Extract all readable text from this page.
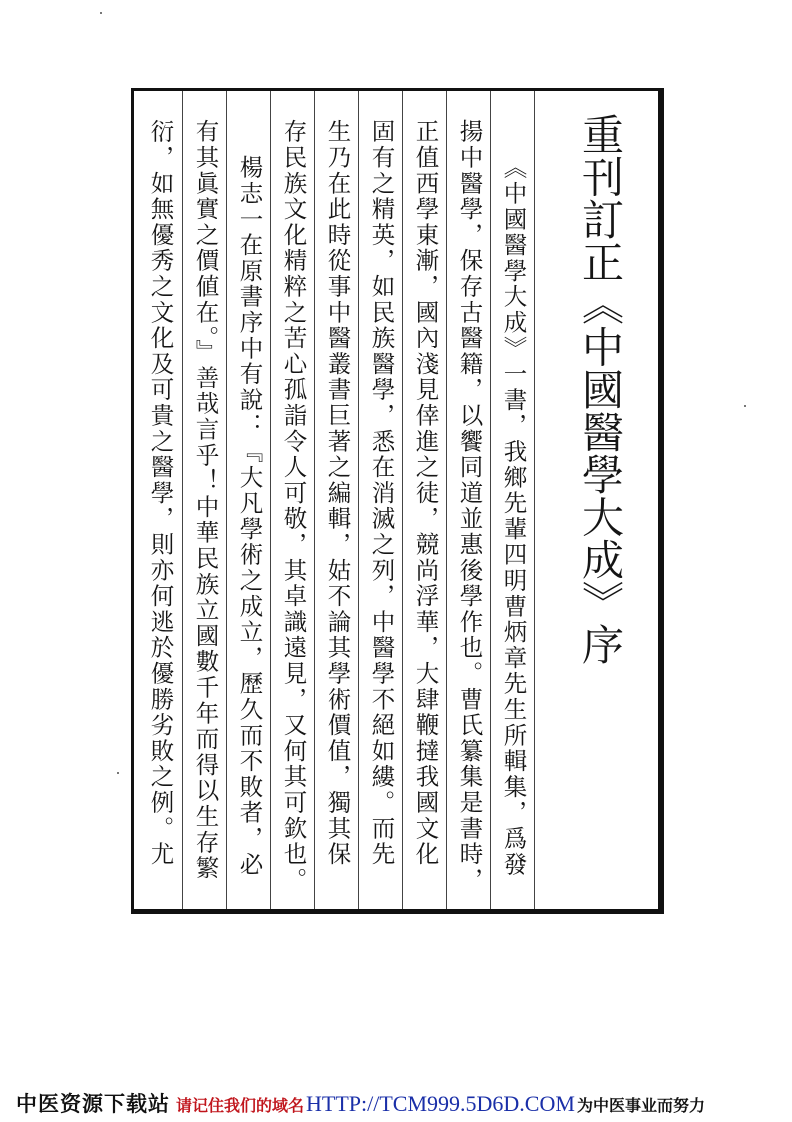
重刊訂正《中國醫學大成》序
《中國醫學大成》一書，我鄉先輩四明曹炳章先生所輯集，爲發
揚中醫學，保存古醫籍，以饗同道並惠後學作也。曹氏纂集是書時，
正值西學東漸，國內淺見倖進之徒，競尚浮華，大肆鞭撻我國文化
固有之精英，如民族醫學，悉在消滅之列，中醫學不絕如縷。而先
生乃在此時從事中醫叢書巨著之編輯，姑不論其學術價值，獨其保
存民族文化精粹之苦心孤詣令人可敬，其卓識遠見，又何其可欽也。
楊志一在原書序中有說：『大凡學術之成立，歷久而不敗者，必
有其眞實之價値在。』善哉言乎！中華民族立國數千年而得以生存繁
衍，如無優秀之文化及可貴之醫學，則亦何逃於優勝劣敗之例。尤
中医资源下载站 请记住我们的域名HTTP://TCM999.5D6D.COM 为中医事业而努力
